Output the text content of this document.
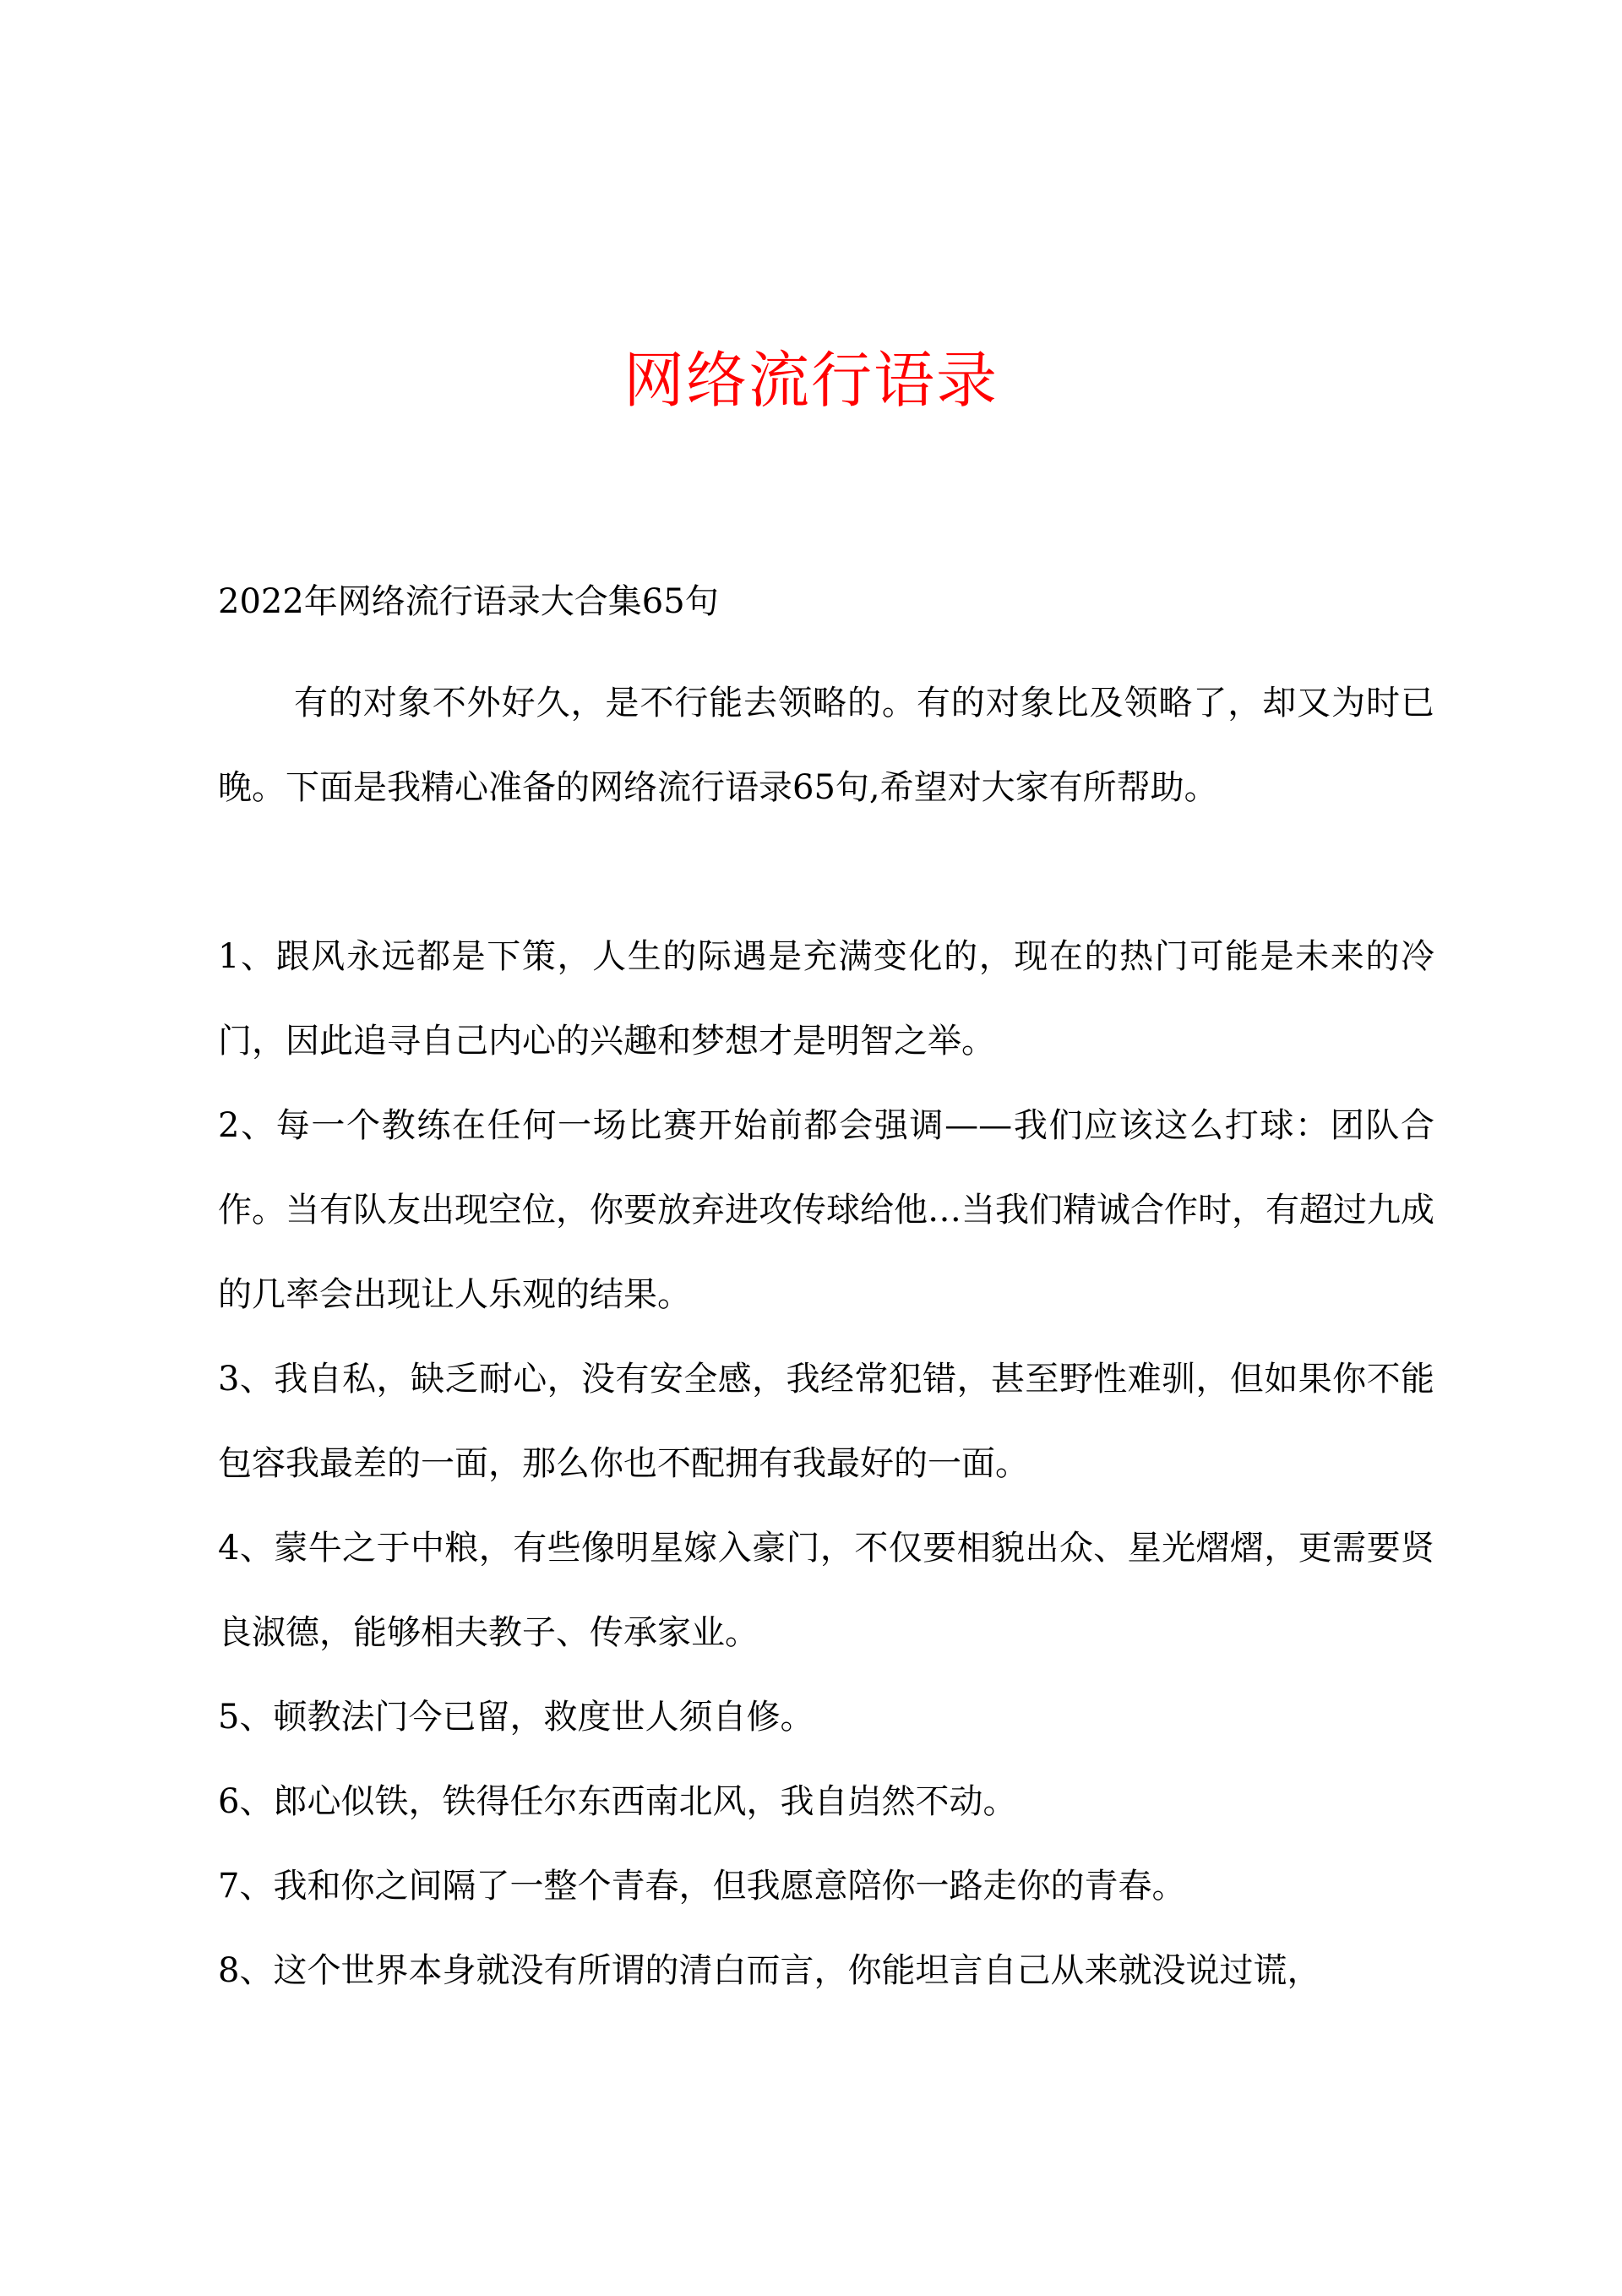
网络流行语录

2022年网络流行语录大合集65句

有的对象不外好久，是不行能去领略的。有的对象比及领略了，却又为时已晚。下面是我精心准备的网络流行语录65句,希望对大家有所帮助。

1、跟风永远都是下策，人生的际遇是充满变化的，现在的热门可能是未来的冷门，因此追寻自己内心的兴趣和梦想才是明智之举。

2、每一个教练在任何一场比赛开始前都会强调——我们应该这么打球：团队合作。当有队友出现空位，你要放弃进攻传球给他…当我们精诚合作时，有超过九成的几率会出现让人乐观的结果。

3、我自私，缺乏耐心，没有安全感，我经常犯错，甚至野性难驯，但如果你不能包容我最差的一面，那么你也不配拥有我最好的一面。

4、蒙牛之于中粮，有些像明星嫁入豪门，不仅要相貌出众、星光熠熠，更需要贤良淑德，能够相夫教子、传承家业。

5、顿教法门今已留，救度世人须自修。

6、郎心似铁，铁得任尔东西南北风，我自岿然不动。

7、我和你之间隔了一整个青春，但我愿意陪你一路走你的青春。

8、这个世界本身就没有所谓的清白而言，你能坦言自己从来就没说过谎，
